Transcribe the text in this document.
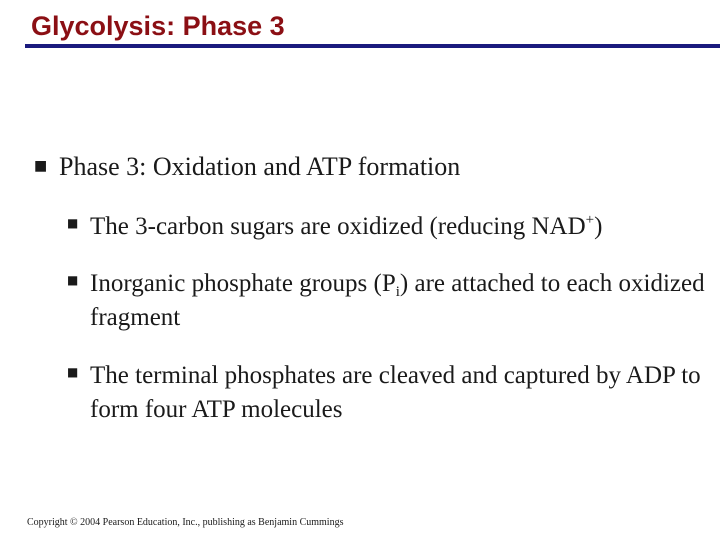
Glycolysis: Phase 3
■ Phase 3: Oxidation and ATP formation
■ The 3-carbon sugars are oxidized (reducing NAD+)
■ Inorganic phosphate groups $(P_i)$ are attached to each oxidized fragment
■ The terminal phosphates are cleaved and captured by ADP to form four ATP molecules
Copyright © 2004 Pearson Education, Inc., publishing as Benjamin Cummings
